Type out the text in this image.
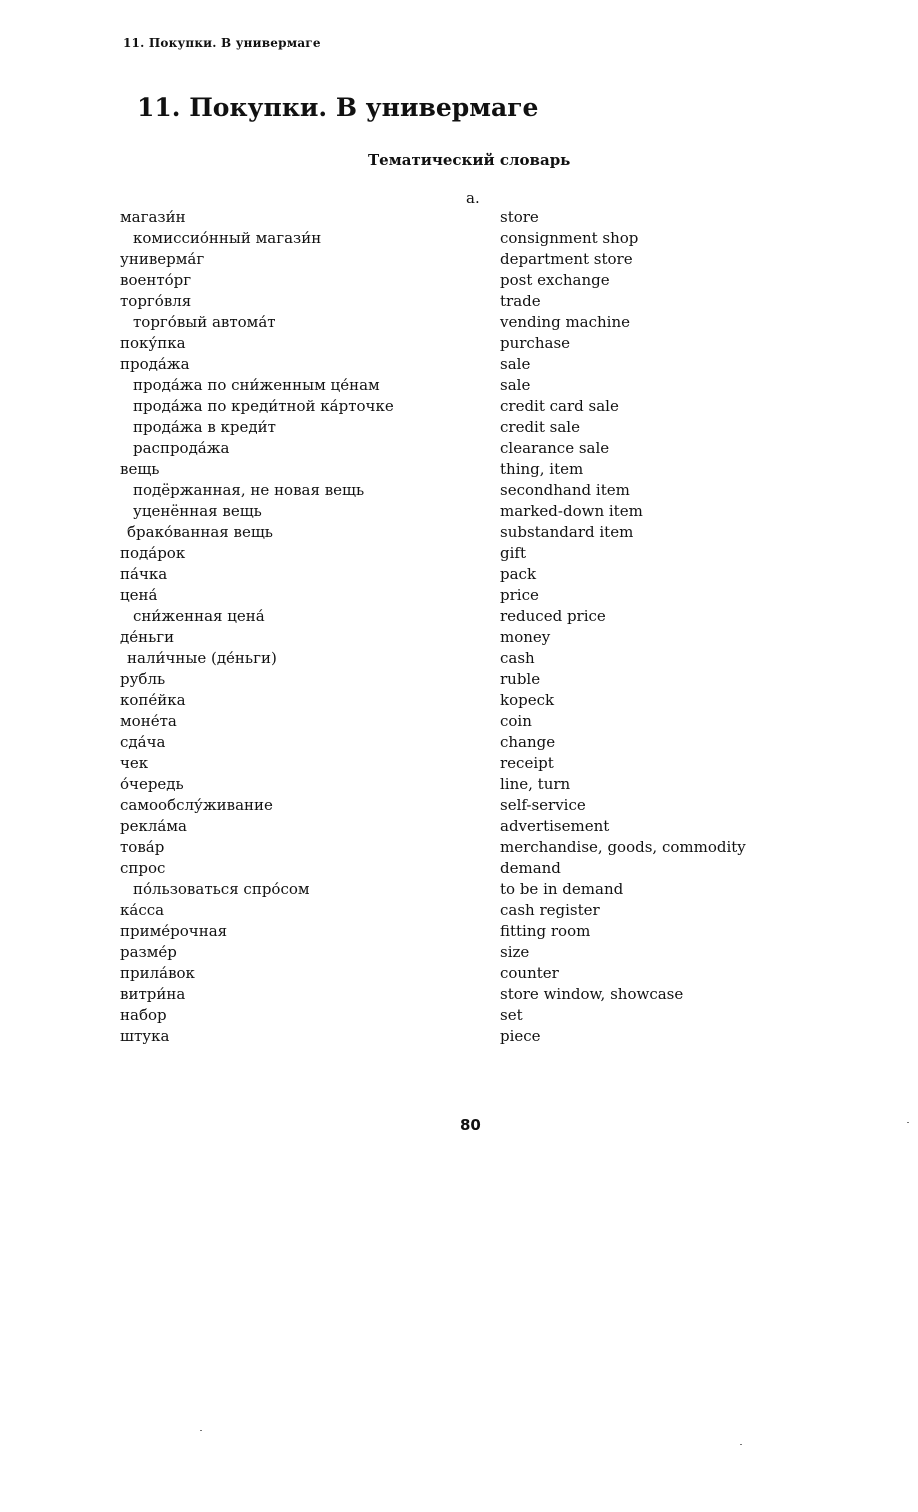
11. Покупки. В универмаге
11. Покупки. В универмаге
Тематический словарь
a.
магази́н	store
комиссио́нный магази́н	consignment shop
универма́г	department store
военто́рг	post exchange
торго́вля	trade
торго́вый автома́т	vending machine
поку́пка	purchase
прода́жа	sale
прода́жа по сни́женным це́нам	sale
прода́жа по креди́тной ка́рточке	credit card sale
прода́жа в креди́т	credit sale
распрода́жа	clearance sale
вещь	thing, item
подёржанная, не новая вещь	secondhand item
уценённая вещь	marked-down item
брако́ванная вещь	substandard item
пода́рок	gift
па́чка	pack
цена́	price
сни́женная цена́	reduced price
де́ньги	money
нали́чные (де́ньги)	cash
рубль	ruble
копе́йка	kopeck
моне́та	coin
сда́ча	change
чек	receipt
о́чередь	line, turn
самообслу́живание	self-service
рекла́ма	advertisement
това́р	merchandise, goods, commodity
спрос	demand
по́льзоваться спро́сом	to be in demand
ка́сса	cash register
приме́рочная	fitting room
разме́р	size
прила́вок	counter
витри́на	store window, showcase
набор	set
штука	piece
80
